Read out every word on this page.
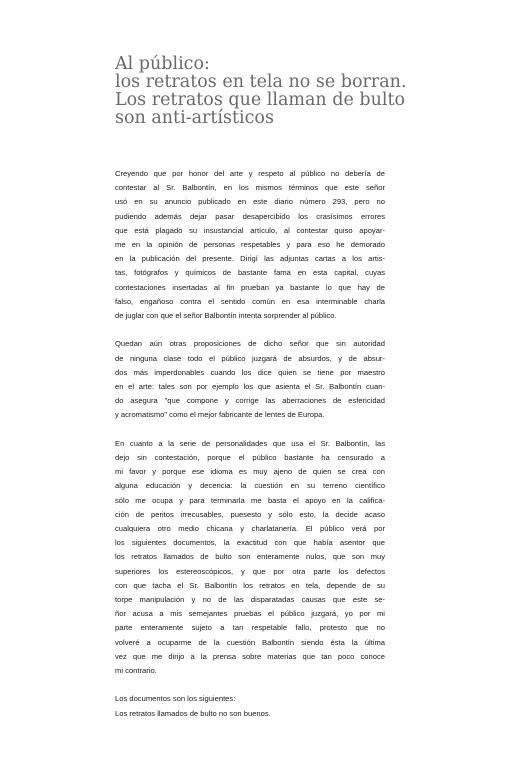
Al público:
los retratos en tela no se borran.
Los retratos que llaman de bulto
son anti-artísticos

Creyendo que por honor del arte y respeto al público no debería de
contestar al Sr. Balbontín, en los mismos términos que este señor
usó en su anuncio publicado en este diario número 293, pero no
pudiendo además dejar pasar desapercibido los crasísimos errores
que está plagado su insustancial artículo, al contestar quiso apoyar-
me en la opinión de personas respetables y para eso he demorado
en la publicación del presente. Dirigí las adjuntas cartas a los artis-
tas, fotógrafos y químicos de bastante fama en esta capital, cuyas
contestaciones insertadas al fin prueban ya bastante lo que hay de
falso, engañoso contra el sentido común en esa interminable charla
de juglar con que el señor Balbontín intenta sorprender al público.

Quedan aún otras proposiciones de dicho señor que sin autoridad
de ninguna clase todo el público juzgará de absurdos, y de absur-
dos más imperdonables cuando los dice quien se tiene por maestro
en el arte: tales son por ejemplo los que asienta el Sr. Balbontín cuan-
do asegura "que compone y corrige las aberraciones de esfericidad
y acromatismo" como el mejor fabricante de lentes de Europa.

En cuanto a la serie de personalidades que usa el Sr. Balbontín, las
dejo sin contestación, porque el público bastante ha censurado a
mi favor y porque ese idioma es muy ajeno de quien se crea con
alguna educación y decencia: la cuestión en su terreno científico
sólo me ocupa y para terminarla me basta el apoyo en la califica-
ción de peritos irrecusables, puesesto y sólo esto, la decide acaso
cualquiera otro medio chicana y charlatanería. El público verá por
los siguientes documentos, la exactitud con que había asentor que
los retratos llamados de bulto son enteramente nulos, que son muy
superiores los estereoscópicos, y que por otra parte los defectos
con que tacha el Sr. Balbontín los retratos en tela, depende de su
torpe manipulación y no de las disparatadas causas que este se-
ñor acusa a mis semejantes pruebas el público juzgará, yo por mi
parte enteramente sujeto a tan respetable fallo, protesto que no
volveré a ocuparme de la cuestión Balbontín siendo ésta la última
vez que me dirijo a la prensa sobre materias que tan poco conoce
mi contrario.

Los documentos son los siguientes:
Los retratos llamados de bulto no son buenos.
